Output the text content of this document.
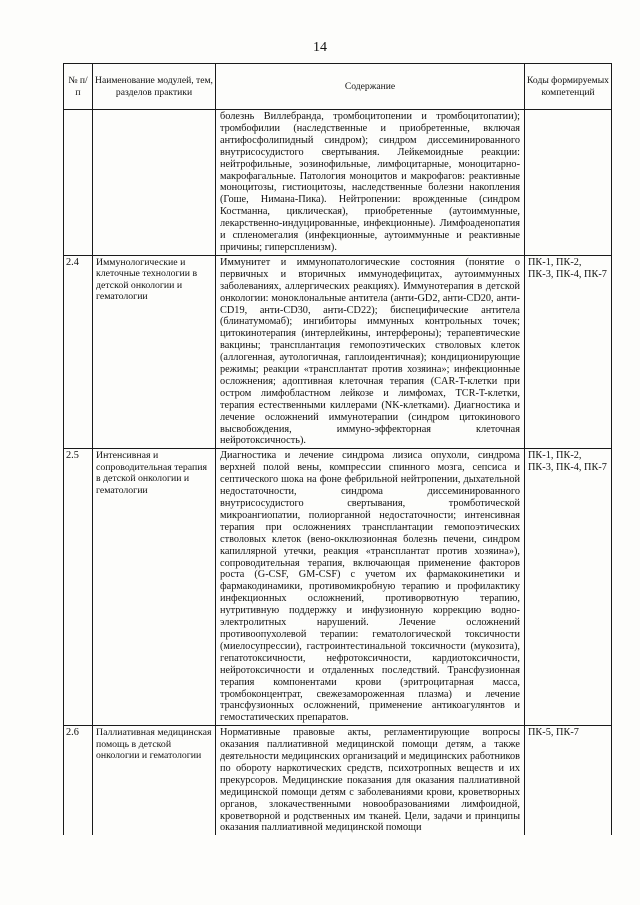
14
№ п/п	Наименование модулей, тем, разделов практики	Содержание	Коды формируемых компетенций
		болезнь Виллебранда, тромбоцитопении и тромбоцитопатии); тромбофилии (наследственные и приобретенные, включая антифосфолипидный синдром); синдром диссеминированного внутрисосудистого свертывания. Лейкемоидные реакции: нейтрофильные, эозинофильные, лимфоцитарные, моноцитарно-макрофагальные. Патология моноцитов и макрофагов: реактивные моноцитозы, гистиоцитозы, наследственные болезни накопления (Гоше, Нимана-Пика). Нейтропении: врожденные (синдром Костманна, циклическая), приобретенные (аутоиммунные, лекарственно-индуцированные, инфекционные). Лимфоаденопатия и спленомегалия (инфекционные, аутоиммунные и реактивные причины; гиперспленизм).	
2.4	Иммунологические и клеточные технологии в детской онкологии и гематологии	Иммунитет и иммунопатологические состояния (понятие о первичных и вторичных иммунодефицитах, аутоиммунных заболеваниях, аллергических реакциях). Иммунотерапия в детской онкологии: моноклональные антитела (анти-GD2, анти-CD20, анти-CD19, анти-CD30, анти-CD22); биспецифические антитела (блинатумомаб); ингибиторы иммунных контрольных точек; цитокинотерапия (интерлейкины, интерфероны); терапевтические вакцины; трансплантация гемопоэтических стволовых клеток (аллогенная, аутологичная, гаплоидентичная); кондиционирующие режимы; реакции «трансплантат против хозяина»; инфекционные осложнения; адоптивная клеточная терапия (CAR-T-клетки при остром лимфобластном лейкозе и лимфомах, TCR-T-клетки, терапия естественными киллерами (NK-клетками). Диагностика и лечение осложнений иммунотерапии (синдром цитокинового высвобождения, иммуно-эффекторная клеточная нейротоксичность).	ПК-1, ПК-2, ПК-3, ПК-4, ПК-7
2.5	Интенсивная и сопроводительная терапия в детской онкологии и гематологии	Диагностика и лечение синдрома лизиса опухоли, синдрома верхней полой вены, компрессии спинного мозга, сепсиса и септического шока на фоне фебрильной нейтропении, дыхательной недостаточности, синдрома диссеминированного внутрисосудистого свертывания, тромботической микроангиопатии, полиорганной недостаточности; интенсивная терапия при осложнениях трансплантации гемопоэтических стволовых клеток (вено-окклюзионная болезнь печени, синдром капиллярной утечки, реакция «трансплантат против хозяина»), сопроводительная терапия, включающая применение факторов роста (G-CSF, GM-CSF) с учетом их фармакокинетики и фармакодинамики, противомикробную терапию и профилактику инфекционных осложнений, противорвотную терапию, нутритивную поддержку и инфузионную коррекцию водно-электролитных нарушений. Лечение осложнений противоопухолевой терапии: гематологической токсичности (миелосупрессии), гастроинтестинальной токсичности (мукозита), гепатотоксичности, нефротоксичности, кардиотоксичности, нейротоксичности и отдаленных последствий. Трансфузионная терапия компонентами крови (эритроцитарная масса, тромбоконцентрат, свежезамороженная плазма) и лечение трансфузионных осложнений, применение антикоагулянтов и гемостатических препаратов.	ПК-1, ПК-2, ПК-3, ПК-4, ПК-7
2.6	Паллиативная медицинская помощь в детской онкологии и гематологии	Нормативные правовые акты, регламентирующие вопросы оказания паллиативной медицинской помощи детям, а также деятельности медицинских организаций и медицинских работников по обороту наркотических средств, психотропных веществ и их прекурсоров. Медицинские показания для оказания паллиативной медицинской помощи детям с заболеваниями крови, кроветворных органов, злокачественными новообразованиями лимфоидной, кроветворной и родственных им тканей. Цели, задачи и принципы оказания паллиативной медицинской помощи	ПК-5, ПК-7
